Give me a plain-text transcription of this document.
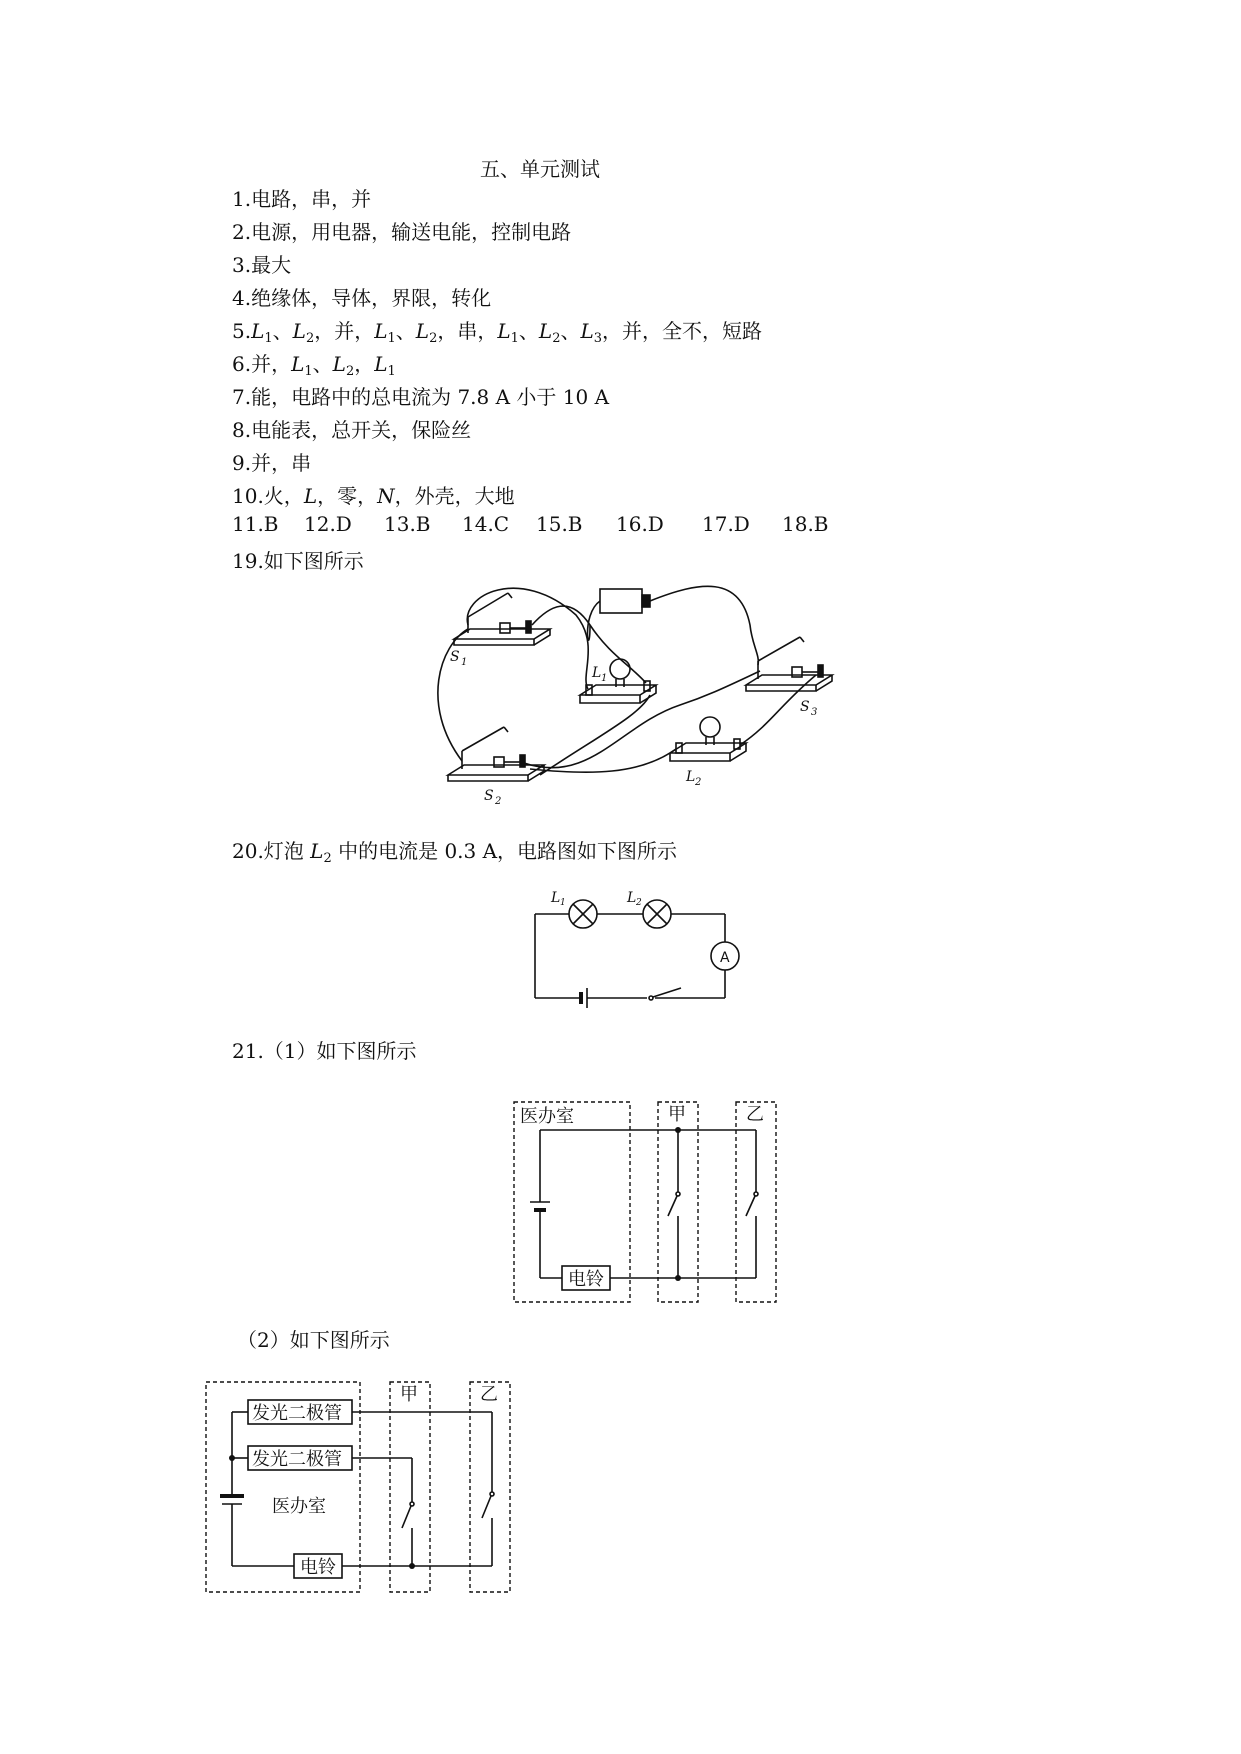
五、单元测试
1.电路，串，并
2.电源，用电器，输送电能，控制电路
3.最大
4.绝缘体，导体，界限，转化
$5.L_1$、$L_2$，并，$L_1$、$L_2$，串，$L_1$、$L_2$、$L_3$，并，全不，短路
6.并，$L_1$、$L_2$，$L_1$
7.能，电路中的总电流为 7.8 A 小于 10 A
8.电能表，总开关，保险丝
9.并，串
10.火，L，零，N，外壳，大地
11.B 12.D 13.B 14.C 15.B 16.D 17.D 18.B
19.如下图所示
S 1
L 1
S 3
S 2
L 2
20.灯泡 $L_2$ 中的电流是 0.3 A，电路图如下图所示
L 1	L 2
A
21.（1）如下图所示
医办室	甲	乙
电铃
（2）如下图所示
发光二极管
发光二极管
医办室
甲	乙
电铃
